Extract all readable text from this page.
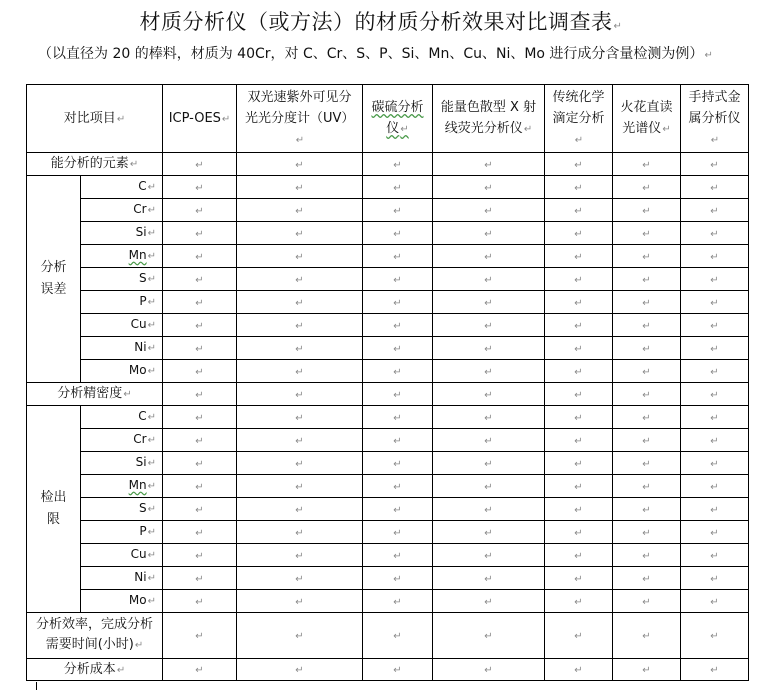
材质分析仪（或方法）的材质分析效果对比调查表↵
（以直径为 20 的棒料，材质为 40Cr，对 C、Cr、S、P、Si、Mn、Cu、Ni、Mo 进行成分含量检测为例）↵
对比项目↵		ICP-OES↵	双光速紫外可见分光光分度计（UV）↵	碳硫分析仪↵	能量色散型 X 射线荧光分析仪↵	传统化学滴定分析↵	火花直读光谱仪↵	手持式金属分析仪↵
能分析的元素↵		↵	↵	↵	↵	↵	↵	↵
分析误差	C↵	↵	↵	↵	↵	↵	↵	↵
	Cr↵	↵	↵	↵	↵	↵	↵	↵
	Si↵	↵	↵	↵	↵	↵	↵	↵
	Mn↵	↵	↵	↵	↵	↵	↵	↵
	S↵	↵	↵	↵	↵	↵	↵	↵
	P↵	↵	↵	↵	↵	↵	↵	↵
	Cu↵	↵	↵	↵	↵	↵	↵	↵
	Ni↵	↵	↵	↵	↵	↵	↵	↵
	Mo↵	↵	↵	↵	↵	↵	↵	↵
分析精密度↵		↵	↵	↵	↵	↵	↵	↵
检出限	C↵	↵	↵	↵	↵	↵	↵	↵
	Cr↵	↵	↵	↵	↵	↵	↵	↵
	Si↵	↵	↵	↵	↵	↵	↵	↵
	Mn↵	↵	↵	↵	↵	↵	↵	↵
	S↵	↵	↵	↵	↵	↵	↵	↵
	P↵	↵	↵	↵	↵	↵	↵	↵
	Cu↵	↵	↵	↵	↵	↵	↵	↵
	Ni↵	↵	↵	↵	↵	↵	↵	↵
	Mo↵	↵	↵	↵	↵	↵	↵	↵
分析效率，完成分析需要时间(小时)↵		↵	↵	↵	↵	↵	↵	↵
分析成本↵		↵	↵	↵	↵	↵	↵	↵
